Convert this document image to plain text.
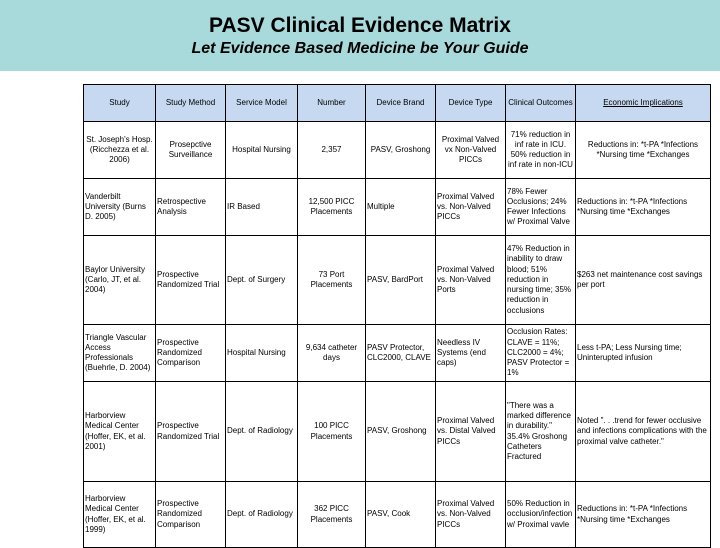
PASV Clinical Evidence Matrix
Let Evidence Based Medicine be Your Guide
Study	Study Method	Service Model	Number	Device Brand	Device Type	Clinical Outcomes	Economic Implications
St. Joseph's Hosp. (Ricchezza et al. 2006)	Prosepctive Surveillance	Hospital Nursing	2,357	PASV, Groshong	Proximal Valved vx Non-Valved PICCs	71% reduction in inf rate in ICU. 50% reduction in inf rate in non-ICU	Reductions in: *t-PA *Infections *Nursing time *Exchanges
Vanderbilt University (Burns D. 2005)	Retrospective Analysis	IR Based	12,500 PICC Placements	Multiple	Proximal Valved vs. Non-Valved PICCs	78% Fewer Occlusions; 24% Fewer Infections w/ Proximal Valve	Reductions in: *t-PA *Infections *Nursing time *Exchanges
Baylor University (Carlo, JT, et al. 2004)	Prospective Randomized Trial	Dept. of Surgery	73 Port Placements	PASV, BardPort	Proximal Valved vs. Non-Valved Ports	47% Reduction in inability to draw blood; 51% reduction in nursing time; 35% reduction in occlusions	$263 net maintenance cost savings per port
Triangle Vascular Access Professionals (Buehrle, D. 2004)	Prospective Randomized Comparison	Hospital Nursing	9,634 catheter days	PASV Protector, CLC2000, CLAVE	Needless IV Systems (end caps)	Occlusion Rates: CLAVE = 11%; CLC2000 = 4%; PASV Protector = 1%	Less t-PA; Less Nursing time; Uninterupted infusion
Harborview Medical Center (Hoffer, EK, et al. 2001)	Prospective Randomized Trial	Dept. of Radiology	100 PICC Placements	PASV, Groshong	Proximal Valved vs. Distal Valved PICCs	"There was a marked difference in durability." 35.4% Groshong Catheters Fractured	Noted ". . .trend for fewer occlusive and infections complications with the proximal valve catheter."
Harborview Medical Center (Hoffer, EK, et al. 1999)	Prospective Randomized Comparison	Dept. of Radiology	362 PICC Placements	PASV, Cook	Proximal Valved vs. Non-Valved PICCs	50% Reduction in occlusion/infection w/ Proximal vavle	Reductions in: *t-PA *Infections *Nursing time *Exchanges
